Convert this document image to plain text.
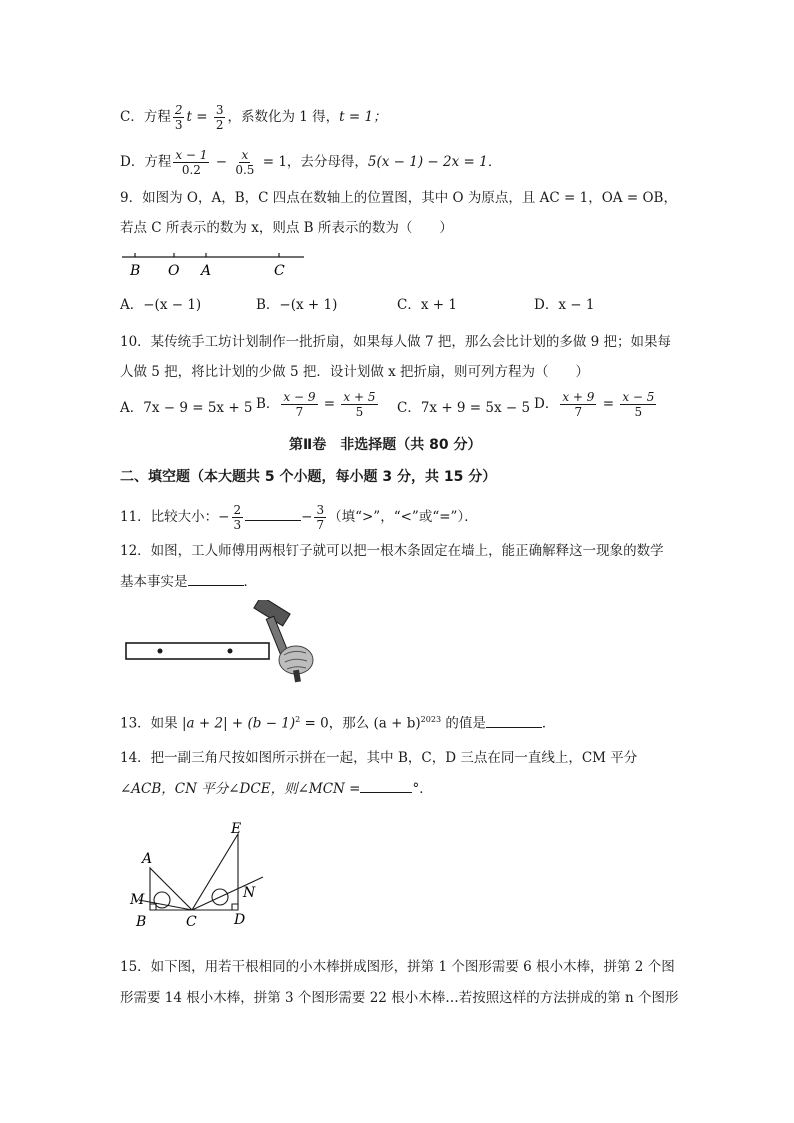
C．方程 $\frac{2}{3}$ $t = \frac{3}{2}$ ，系数化为 1 得，t = 1；
D．方程 $\frac{x - 1}{0.2} - \frac{x}{0.5} = 1$，去分母得，5(x − 1) − 2x = 1．
9．如图为 O，A，B，C 四点在数轴上的位置图，其中 O 为原点，且 AC = 1，OA = OB，
若点 C 所表示的数为 x，则点 B 所表示的数为（　　）
B O A	C
A．−(x − 1)	B．−(x + 1)	C．x + 1	D．x − 1
10．某传统手工坊计划制作一批折扇，如果每人做 7 把，那么会比计划的多做 9 把；如果每
人做 5 把，将比计划的少做 5 把．设计划做 x 把折扇，则可列方程为（　　）
A．7x − 9 = 5x + 5 B． $\frac{x - 9}{7} = \frac{x + 5}{5}$ C．7x + 9 = 5x − 5 D． $\frac{x + 9}{7} = \frac{x - 5}{5}$
第Ⅱ卷　非选择题（共 80 分）
二、填空题（本大题共 5 个小题，每小题 3 分，共 15 分）
11．比较大小：− $\frac{2}{3}$	− $\frac{3}{7}$ （填“>”，“<”或“=”）．
12．如图，工人师傅用两根钉子就可以把一根木条固定在墙上，能正确解释这一现象的数学
基本事实是	．
13．如果 $|a + 2| + (b - 1)^2 = 0$，那么 $(a + b)^{2023}$ 的值是	．
14．把一副三角尺按如图所示拼在一起，其中 B，C，D 三点在同一直线上，CM 平分
∠ACB，CN 平分∠DCE，则∠MCN =	°．
A
M
B	C	D
E
N
15．如下图，用若干根相同的小木棒拼成图形，拼第 1 个图形需要 6 根小木棒，拼第 2 个图
形需要 14 根小木棒，拼第 3 个图形需要 22 根小木棒…若按照这样的方法拼成的第 n 个图形
